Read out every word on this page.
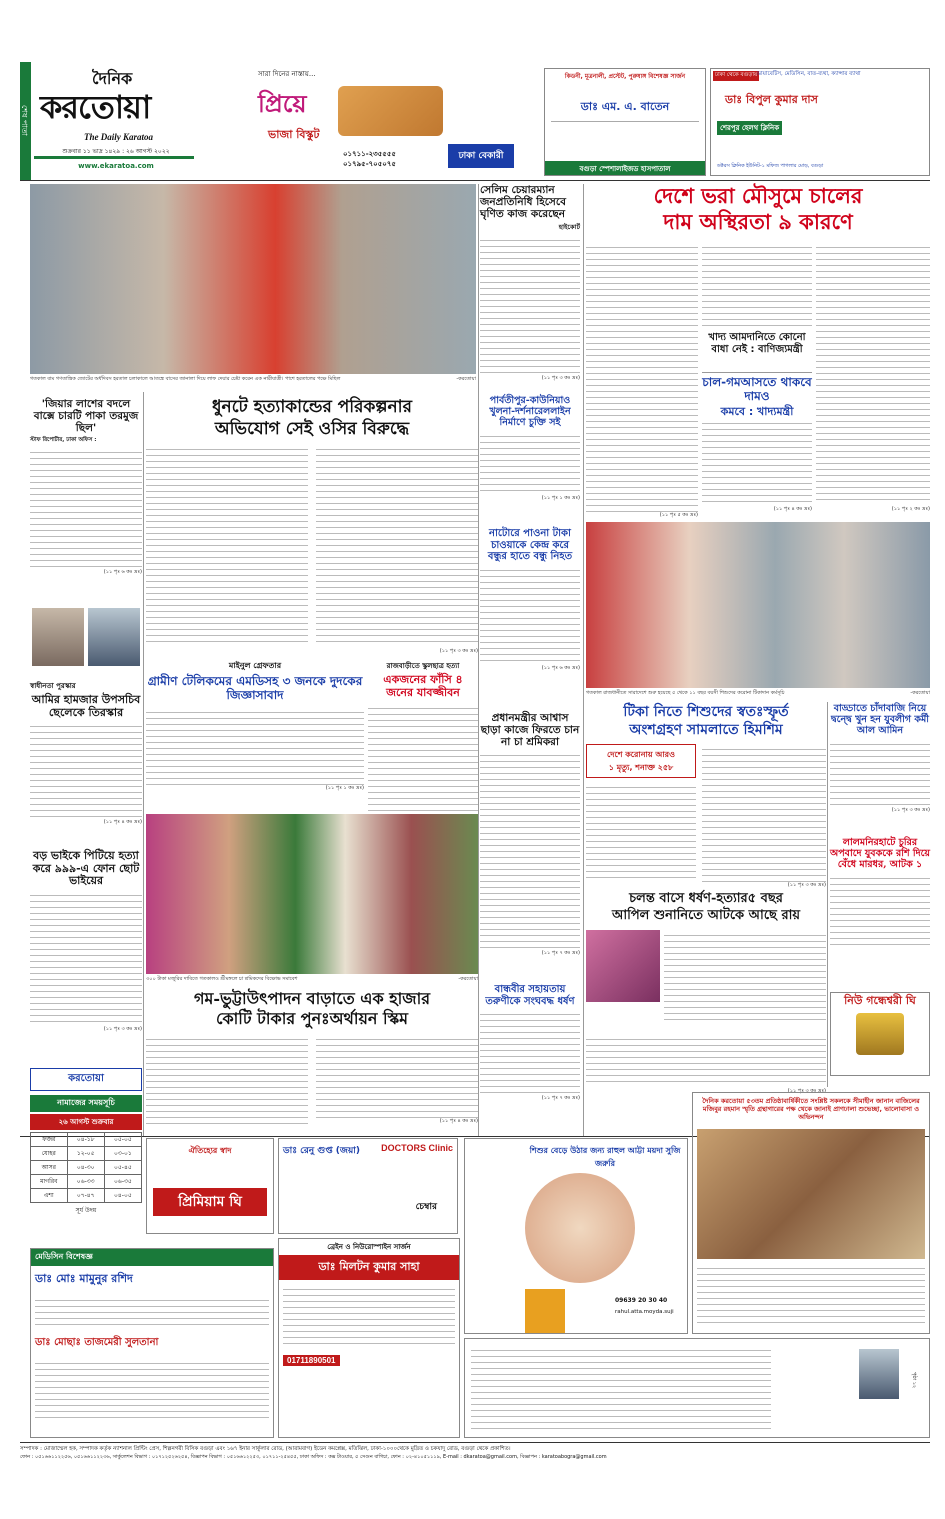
শেষ পাতা
দৈনিক
করতোয়া
The Daily Karatoa
শুক্রবার ১১ ভাদ্র ১৪২৯ : ২৬ আগস্ট ২০২২
www.ekaratoa.com
সারা দিনের নাস্তায়...
প্রিয়ে
ভাজা বিস্কুট
০১৭১১-২৩৫৫৫৫
০১৭৯৫-৭০৫০৭৫
ঢাকা বেকারী
কিডনী, মূত্রনালী, প্রস্টেট, পুরুষাঙ্গ বিশেষজ্ঞ সার্জন
ডাঃ এম. এ. বাতেন
বগুড়া স্পেশালাইজড হাসপাতাল
ঢাকা থেকে বগুড়ায় ডায়াবেটিস, মেডিসিন, বাত-ব্যথা, ক্যান্সার ব্যাথা
ডাঃ বিপুল কুমার দাস
শেরপুর হেলথ ক্লিনিক
ডক্টরস ক্লিনিক ইউনিট-১ মফিজ পাগলার মোড়, বগুড়া
গতকাল বাম গণতান্ত্রিক জোটের অর্ধদিবস হরতাল চলাকালে আতঙ্কে বাসের জানালা দিয়ে লাফ দেয়ার চেষ্টা করেন এক নারীযাত্রী। পাশে হরতালের পক্ষে মিছিল	-করতোয়া
সেলিম চেয়ারম্যান জনপ্রতিনিধি হিসেবে ঘৃণিত কাজ করেছেন
হাইকোর্ট
(১১ পৃঃ ৩ কঃ দ্রঃ)
দেশে ভরা মৌসুমে চালের
দাম অস্থিরতা ৯ কারণে
খাদ্য আমদানিতে কোনো বাধা নেই : বাণিজ্যমন্ত্রী
চাল-গমআসতে থাকবে দামও
কমবে : খাদ্যমন্ত্রী
(১১ পৃঃ ৫ কঃ দ্রঃ)
(১১ পৃঃ ৪ কঃ দ্রঃ)	(১১ পৃঃ ২ কঃ দ্রঃ)
পার্বতীপুর-কাউনিয়াও খুলনা-দর্শনারেললাইন নির্মাণে চুক্তি সই
(১১ পৃঃ ১ কঃ দ্রঃ)
ধুনটে হত্যাকান্ডের পরিকল্পনার
অভিযোগ সেই ওসির বিরুদ্ধে
(১১ পৃঃ ৩ কঃ দ্রঃ)
'জিয়ার লাশের বদলে বাক্সে চারটি পাকা তরমুজ ছিল'
স্টাফ রিপোর্টার, ঢাকা অফিস :
(১১ পৃঃ ৬ কঃ দ্রঃ)
মাইনুল গ্রেফতার
গ্রামীণ টেলিকমের এমডিসহ ৩ জনকে দুদকের জিজ্ঞাসাবাদ
(১১ পৃঃ ১ কঃ দ্রঃ)
রাজবাড়ীতে স্কুলছাত্র হত্যা
একজনের ফাঁসি ৪ জনের যাবজ্জীবন
নাটোরে পাওনা টাকা চাওয়াকে কেন্দ্র করে বন্ধুর হাতে বন্ধু নিহত
(১১ পৃঃ ৬ কঃ দ্রঃ)
স্বাধীনতা পুরস্কার
আমির হামজার উপসচিব ছেলেকে তিরস্কার
(১১ পৃঃ ৪ কঃ দ্রঃ)
গতকাল রাজধানীতে সারাদেশে শুরু হয়েছে ৫ থেকে ১১ বছর বয়সী শিশুদের করোনা টিকাদান কর্মসূচি	-করতোয়া
টিকা নিতে শিশুদের স্বতঃস্ফূর্ত
অংশগ্রহণ সামলাতে হিমশিম
দেশে করোনায় আরও
১ মৃত্যু, শনাক্ত ২৫৮
(১১ পৃঃ ৩ কঃ দ্রঃ)
বাড্ডাতে চাঁদাবাজি নিয়ে দ্বন্দ্বে খুন হন যুবলীগ কর্মী আল আমিন
(১১ পৃঃ ৩ কঃ দ্রঃ)
লালমনিরহাটে চুরির অপবাদে যুবককে রশি দিয়ে বেঁধে মারধর, আটক ১
প্রধানমন্ত্রীর আশ্বাস ছাড়া কাজে ফিরতে চান না চা শ্রমিকরা
(১১ পৃঃ ৭ কঃ দ্রঃ)
৩০০ টাকা মজুরির দাবিতে গতকালও শ্রীমঙ্গলে চা শ্রমিকদের বিক্ষোভ সমাবেশ	-করতোয়া
বড় ভাইকে পিটিয়ে হত্যা করে ৯৯৯-এ ফোন ছোট ভাইয়ের
(১১ পৃঃ ৩ কঃ দ্রঃ)
চলন্ত বাসে ধর্ষণ-হত্যার৫ বছর
আপিল শুনানিতে আটকে আছে রায়
গম-ভুট্টাউৎপাদন বাড়াতে এক হাজার
কোটি টাকার পুনঃঅর্থায়ন স্কিম
(১১ পৃঃ ৪ কঃ দ্রঃ)
বান্ধবীর সহায়তায় তরুণীকে সংঘবদ্ধ ধর্ষণ
(১১ পৃঃ ৭ কঃ দ্রঃ)
(১১ পৃঃ ৩ কঃ দ্রঃ)
নিউ গন্ধেশ্বরী ঘি
করতোয়া
নামাজের সময়সূচি
২৬ আগস্ট শুক্রবার
ফজর	০৪-১৮	০৫-০৫
যোহর	১২-০৫	০৩-০১
আসর	০৪-৩০	০৫-৪৫
মাগরিব	০৬-৩৩	০৬-৩৫
এশা	০৭-৪৭	০৪-০৫
সূর্য উদয়
ঐতিহ্যের স্বাদ
প্রিমিয়াম ঘি
ডাঃ রেনু গুপ্ত (জয়া)	DOCTORS Clinic
চেম্বার
শিশুর বেড়ে উঠার জন্য রাহুল আট্টা ময়দা সুজি জরুরি
09639 20 30 40
rahul.atta.moyda.suji
দৈনিক করতোয়া ৫৩তম প্রতিষ্ঠাবার্ষিকীতে সংশ্লিষ্ট সকলকে সীমাহীন জানান বাজিলের মজিবুর রহমান স্মৃতি গ্রন্থাগারের পক্ষ থেকে জানাই প্রাণঢালা শুভেচ্ছা, ভালোবাসা ও অভিনন্দন
মেডিসিন বিশেষজ্ঞ
ডাঃ মোঃ মামুনুর রশিদ
ডাঃ মোছাঃ তাজমেরী সুলতানা
ব্রেইন ও নিউরোস্পাইন সার্জন
ডাঃ মিলটন কুমার সাহা
01711890501
সম্পাদক : মোজাম্মেল হক, সম্পাদক কর্তৃক ন্যাশনাল প্রিন্টিং প্রেস, শিল্পনগরী বিসিক বগুড়া এবং ১৬৭ ইনার সার্কুলার রোড, (আরামবাগ) ইডেন কমপ্লেক্স, মতিঝিল, ঢাকা-১০০০থেকে মুদ্রিত ও চকযাদু রোড, বগুড়া থেকে প্রকাশিত।
ফোন : ০৫১৬৬১১২২৫৬, ০৫১৬৬১১২২৩৬, সার্কুলেশন বিভাগ : ০১৭১২৫২৬২৫৪, বিজ্ঞাপন বিভাগ : ০৫১৬৬১২২৫৩, ০১৭১১-২৫৪৫৫, ঢাকা অফিস : কক্স টাওয়ার, ৫ সেগুন বাগিচা, ফোন : ০২-৪১০৫১১১৯, E-mail : dkaratoa@gmail.com, বিজ্ঞাপন : karatoabogra@gmail.com
পৃষ্ঠা ১২
